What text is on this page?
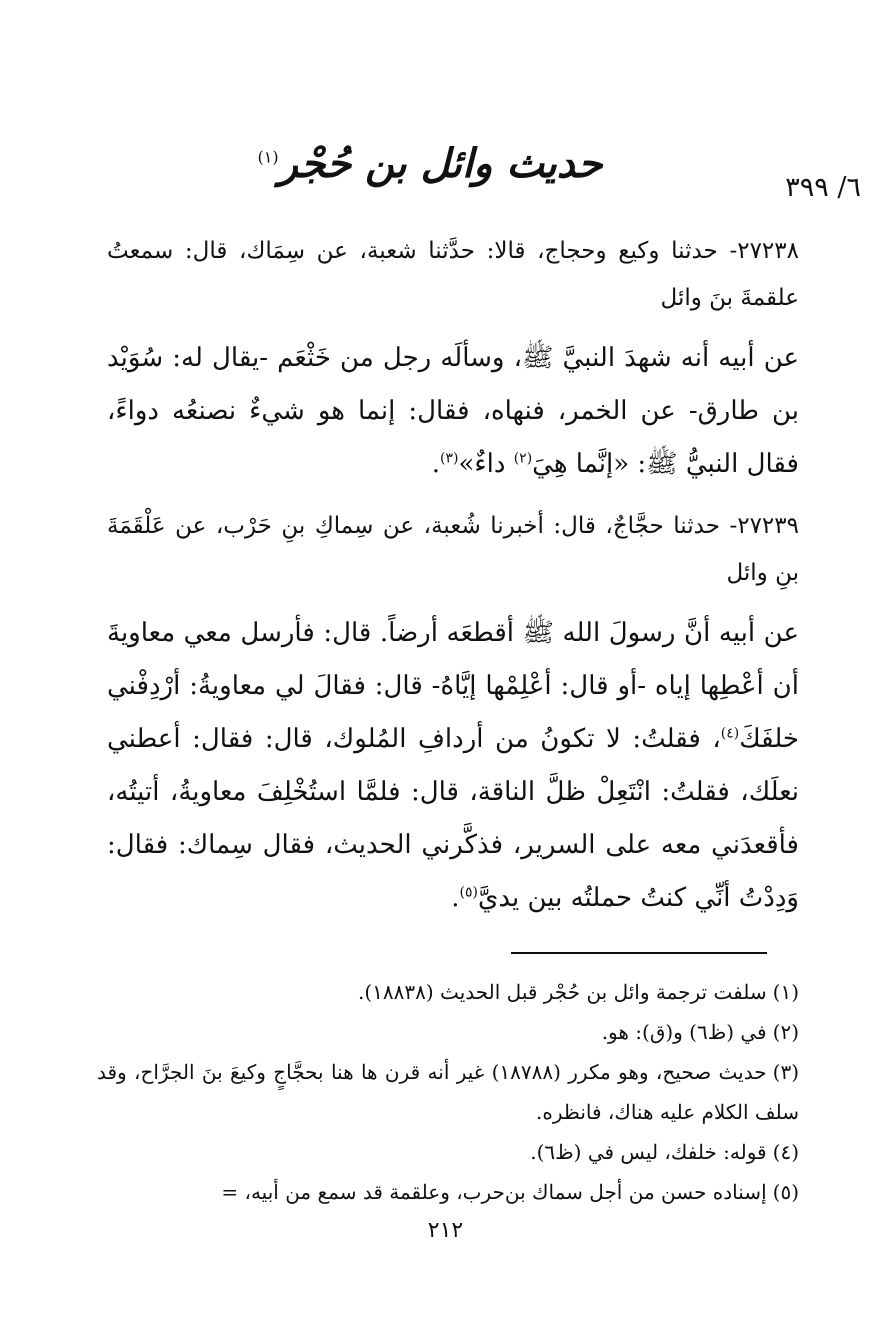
٦/ ٣٩٩
حديث وائل بن حُجْر$^{(١)}$

٢٧٢٣٨- حدثنا وكيع وحجاج، قالا: حدَّثنا شعبة، عن سِمَاك، قال: سمعتُ علقمةَ بنَ وائل

عن أبيه أنه شهدَ النبيَّ ﷺ، وسألَه رجل من خَثْعَم -يقال له: سُوَيْد بن طارق- عن الخمر، فنهاه، فقال: إنما هو شيءٌ نصنعُه دواءً، فقال النبيُّ ﷺ: «إنَّما هِيَ$^{(٢)}$ داءٌ»$^{(٣)}$.

٢٧٢٣٩- حدثنا حجَّاجٌ، قال: أخبرنا شُعبة، عن سِماكِ بنِ حَرْب، عن عَلْقَمَةَ بنِ وائل

عن أبيه أنَّ رسولَ الله ﷺ أقطعَه أرضاً. قال: فأرسل معي معاويةَ أن أعْطِها إياه -أو قال: أعْلِمْها إيَّاهُ- قال: فقالَ لي معاويةُ: أرْدِفْني خلفَكَ$^{(٤)}$، فقلتُ: لا تكونُ من أردافِ المُلوك، قال: فقال: أعطني نعلَك، فقلتُ: انْتَعِلْ ظلَّ الناقة، قال: فلمَّا استُخْلِفَ معاويةُ، أتيتُه، فأقعدَني معه على السرير، فذكَّرني الحديث، فقال سِماك: فقال: وَدِدْتُ أنِّي كنتُ حملتُه بين يديَّ$^{(٥)}$.

(١)سلفت ترجمة وائل بن حُجْر قبل الحديث (١٨٨٣٨).

(٢)في (ظ٦) و(ق): هو.

(٣)حديث صحيح، وهو مكرر (١٨٧٨٨) غير أنه قرن ها هنا بحجَّاجٍ وكيعَ بنَ الجرَّاح، وقد سلف الكلام عليه هناك، فانظره.

(٤)قوله: خلفك، ليس في (ظ٦).

(٥)إسناده حسن من أجل سماك بن‌حرب، وعلقمة قد سمع من أبيه، =

٢١٢
